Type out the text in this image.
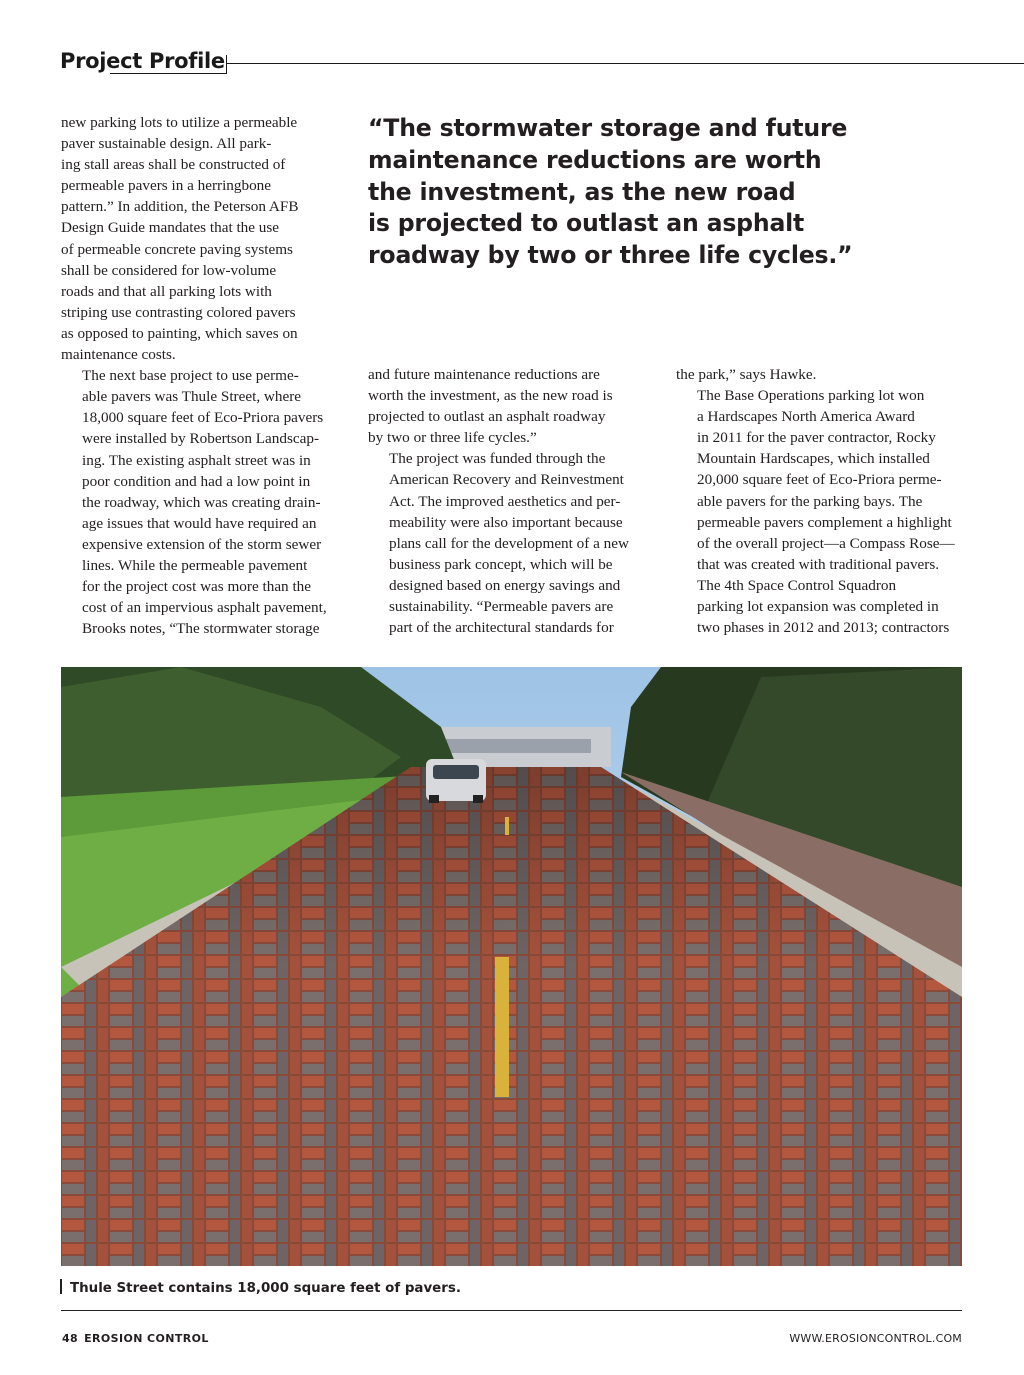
Project Profile

new parking lots to utilize a permeable
paver sustainable design. All park-
ing stall areas shall be constructed of
permeable pavers in a herringbone
pattern.” In addition, the Peterson AFB
Design Guide mandates that the use
of permeable concrete paving systems
shall be considered for low-volume
roads and that all parking lots with
striping use contrasting colored pavers
as opposed to painting, which saves on
maintenance costs.

The next base project to use perme-
able pavers was Thule Street, where
18,000 square feet of Eco-Priora pavers
were installed by Robertson Landscap-
ing. The existing asphalt street was in
poor condition and had a low point in
the roadway, which was creating drain-
age issues that would have required an
expensive extension of the storm sewer
lines. While the permeable pavement
for the project cost was more than the
cost of an impervious asphalt pavement,
Brooks notes, “The stormwater storage

“The stormwater storage and future
maintenance reductions are worth
the investment, as the new road
is projected to outlast an asphalt
roadway by two or three life cycles.”

and future maintenance reductions are
worth the investment, as the new road is
projected to outlast an asphalt roadway
by two or three life cycles.”

The project was funded through the
American Recovery and Reinvestment
Act. The improved aesthetics and per-
meability were also important because
plans call for the development of a new
business park concept, which will be
designed based on energy savings and
sustainability. “Permeable pavers are
part of the architectural standards for

the park,” says Hawke.

The Base Operations parking lot won
a Hardscapes North America Award
in 2011 for the paver contractor, Rocky
Mountain Hardscapes, which installed
20,000 square feet of Eco-Priora perme-
able pavers for the parking bays. The
permeable pavers complement a highlight
of the overall project—a Compass Rose—
that was created with traditional pavers.

The 4th Space Control Squadron
parking lot expansion was completed in
two phases in 2012 and 2013; contractors

Thule Street contains 18,000 square feet of pavers.
48 EROSION CONTROL	WWW.EROSIONCONTROL.COM
